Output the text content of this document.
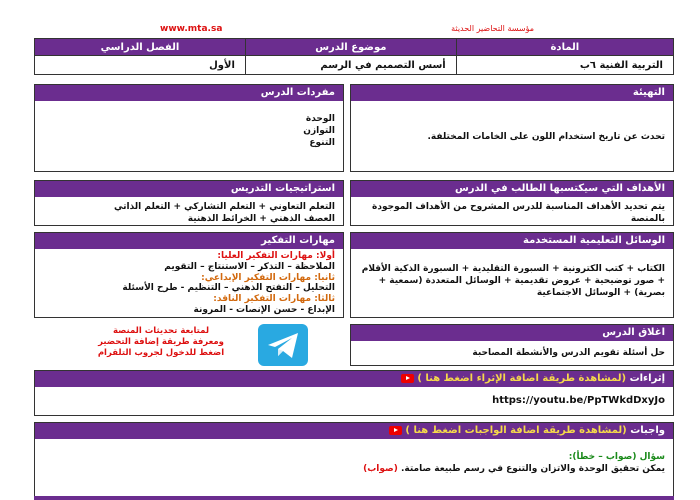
www.mta.sa	مؤسسة التحاضير الحديثة
المادة	موضوع الدرس	الفصل الدراسي
التربية الفنية ٦ب	أسس التصميم في الرسم	الأول
التهيئة
تحدث عن تاريخ استخدام اللون على الخامات المختلفة.
الأهداف التي سيكتسبها الطالب في الدرس
يتم تحديد الأهداف المناسبة للدرس المشروح من الأهداف الموجودة بالمنصة
الوسائل التعليمية المستخدمة
الكتاب + كتب الكترونية + السبورة التقليدية + السبورة الذكية الأقلام + صور توضيحية + عروض تقديمية + الوسائل المتعددة (سمعية + بصرية) + الوسائل الاجتماعية
اغلاق الدرس
حل أسئلة تقويم الدرس والأنشطة المصاحبة
مفردات الدرس
الوحدة
التوازن
التنوع
استراتيجيات التدريس
التعلم التعاوني + التعلم التشاركي + التعلم الذاتي
العصف الذهني + الخرائط الذهنية
مهارات التفكير
أولا: مهارات التفكير العليا:
الملاحظة – التذكر – الاستنتاج – التقويم
ثانيا: مهارات التفكير الإبداعي:
التحليل – التفتح الذهني – التنظيم - طرح الأسئلة
ثالثا: مهارات التفكير الناقد:
الإبداع - حسن الإنصات - المرونة
لمتابعة تحديثات المنصة
ومعرفة طريقة إضافة التحضير
اضغط للدخول لجروب التلقرام
إثراءات (لمشاهدة طريقة اضافة الإثراء اضغط هنا )
https://youtu.be/PpTWkdDxyJo
واجبات (لمشاهدة طريقة اضافة الواجبات اضغط هنا )
سؤال (صواب – خطأ):
يمكن تحقيق الوحدة والاتزان والتنوع في رسم طبيعة صامتة. (صواب)
